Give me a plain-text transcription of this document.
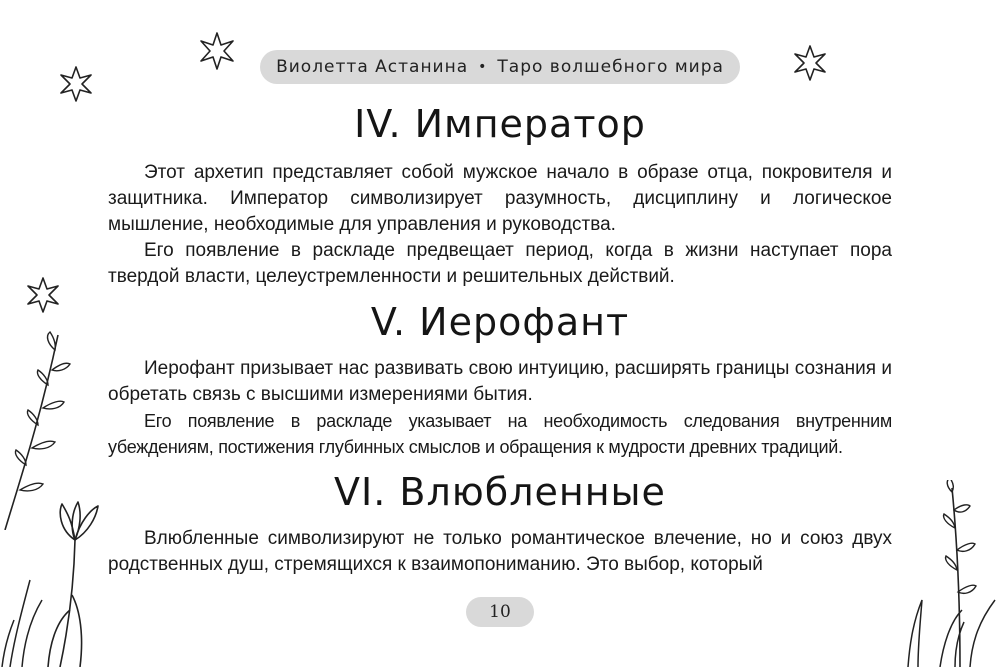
Виолетта Астанина • Таро волшебного мира
IV. Император

Этот архетип представляет собой мужское начало в образе отца, покровителя и защитника. Император символизирует разумность, дисциплину и логическое мышление, необходимые для управления и руководства.

Его появление в раскладе предвещает период, когда в жизни наступает пора твердой власти, целеустремленности и решительных действий.

V. Иерофант

Иерофант призывает нас развивать свою интуицию, расширять границы сознания и обретать связь с высшими измерениями бытия.

Его появление в раскладе указывает на необходимость следования внутренним убеждениям, постижения глубинных смыслов и обращения к мудрости древних традиций.

VI. Влюбленные

Влюбленные символизируют не только романтическое влечение, но и союз двух родственных душ, стремящихся к взаимопониманию. Это выбор, который

10
